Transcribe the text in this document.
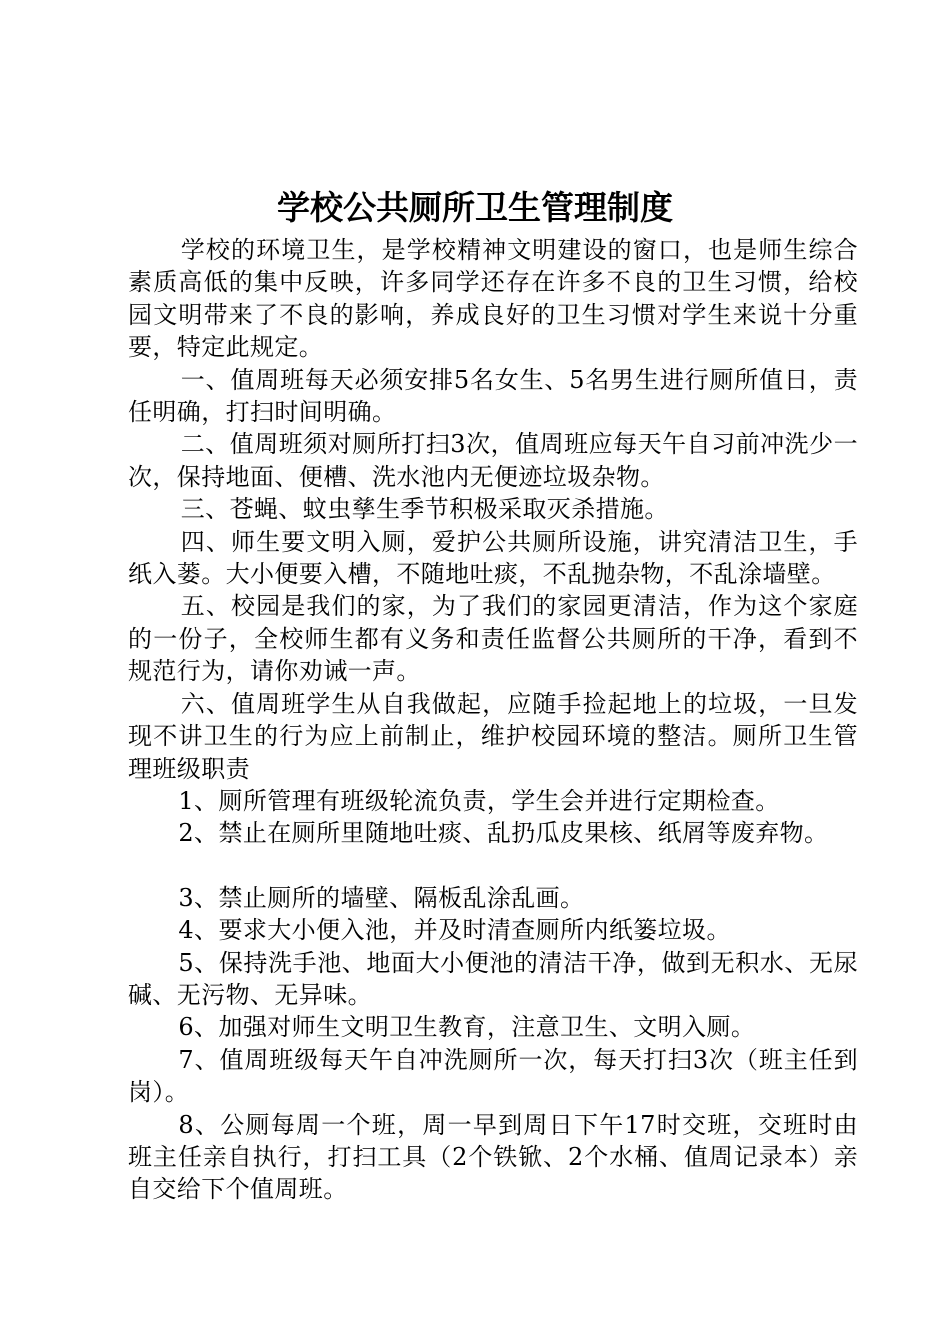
学校公共厕所卫生管理制度

学校的环境卫生，是学校精神文明建设的窗口，也是师生综合素质高低的集中反映，许多同学还存在许多不良的卫生习惯，给校园文明带来了不良的影响，养成良好的卫生习惯对学生来说十分重要，特定此规定。

一、值周班每天必须安排5名女生、5名男生进行厕所值日，责任明确，打扫时间明确。

二、值周班须对厕所打扫3次，值周班应每天午自习前冲洗少一次，保持地面、便槽、洗水池内无便迹垃圾杂物。

三、苍蝇、蚊虫孳生季节积极采取灭杀措施。

四、师生要文明入厕，爱护公共厕所设施，讲究清洁卫生，手纸入蒌。大小便要入槽，不随地吐痰，不乱抛杂物，不乱涂墙壁。

五、校园是我们的家，为了我们的家园更清洁，作为这个家庭的一份子，全校师生都有义务和责任监督公共厕所的干净，看到不规范行为，请你劝诫一声。

六、值周班学生从自我做起，应随手捡起地上的垃圾，一旦发现不讲卫生的行为应上前制止，维护校园环境的整洁。厕所卫生管理班级职责

1、厕所管理有班级轮流负责，学生会并进行定期检查。

2、禁止在厕所里随地吐痰、乱扔瓜皮果核、纸屑等废弃物。

3、禁止厕所的墙壁、隔板乱涂乱画。

4、要求大小便入池，并及时清查厕所内纸篓垃圾。

5、保持洗手池、地面大小便池的清洁干净，做到无积水、无尿碱、无污物、无异味。

6、加强对师生文明卫生教育，注意卫生、文明入厕。

7、值周班级每天午自冲洗厕所一次，每天打扫3次（班主任到岗）。

8、公厕每周一个班，周一早到周日下午17时交班，交班时由班主任亲自执行，打扫工具（2个铁锨、2个水桶、值周记录本）亲自交给下个值周班。
